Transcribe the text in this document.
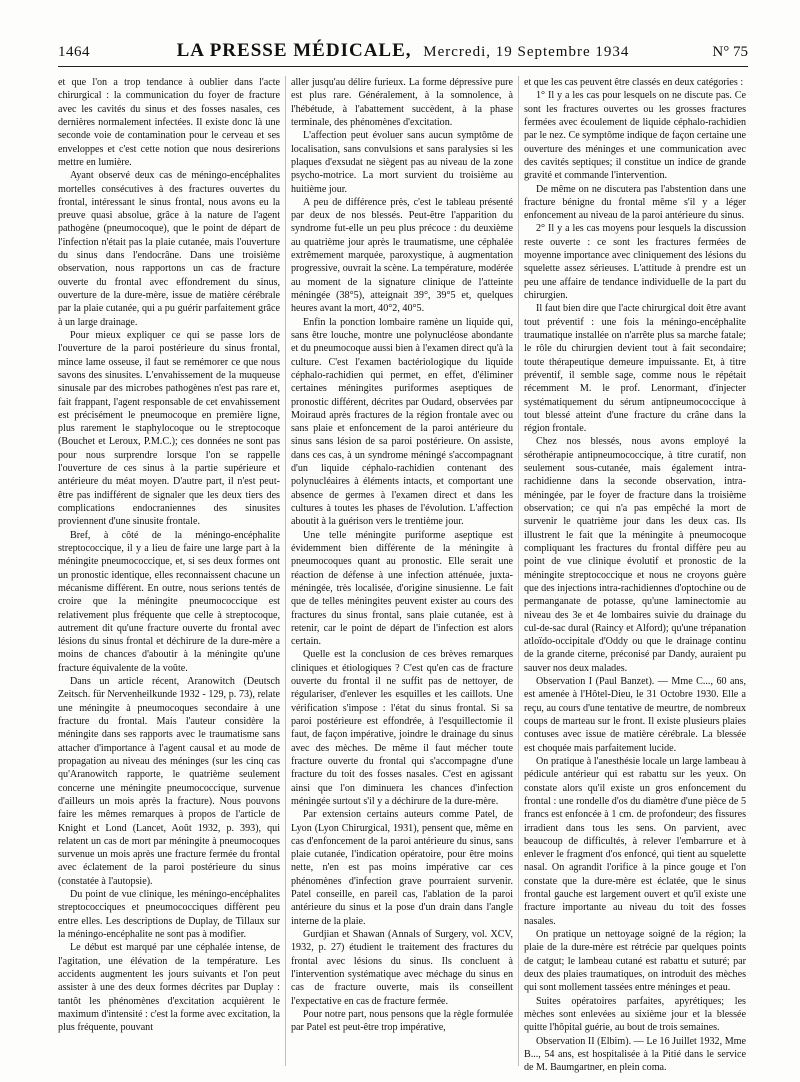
1464	LA PRESSE MÉDICALE, Mercredi, 19 Septembre 1934	N° 75

et que l'on a trop tendance à oublier dans l'acte chirurgical : la communication du foyer de fracture avec les cavités du sinus et des fosses nasales, ces dernières normalement infectées. Il existe donc là une seconde voie de contamination pour le cerveau et ses enveloppes et c'est cette notion que nous desirerions mettre en lumière.

Ayant observé deux cas de méningo-encéphalites mortelles consécutives à des fractures ouvertes du frontal, intéressant le sinus frontal, nous avons eu la preuve quasi absolue, grâce à la nature de l'agent pathogène (pneumocoque), que le point de départ de l'infection n'était pas la plaie cutanée, mais l'ouverture du sinus dans l'endocrâne. Dans une troisième observation, nous rapportons un cas de fracture ouverte du frontal avec effondrement du sinus, ouverture de la dure-mère, issue de matière cérébrale par la plaie cutanée, qui a pu guérir parfaitement grâce à un large drainage.

Pour mieux expliquer ce qui se passe lors de l'ouverture de la paroi postérieure du sinus frontal, mince lame osseuse, il faut se remémorer ce que nous savons des sinusites. L'envahissement de la muqueuse sinusale par des microbes pathogènes n'est pas rare et, fait frappant, l'agent responsable de cet envahissement est précisément le pneumocoque en première ligne, plus rarement le staphylocoque ou le streptocoque (Bouchet et Leroux, P.M.C.); ces données ne sont pas pour nous surprendre lorsque l'on se rappelle l'ouverture de ces sinus à la partie supérieure et antérieure du méat moyen. D'autre part, il n'est peut-être pas indifférent de signaler que les deux tiers des complications endocraniennes des sinusites proviennent d'une sinusite frontale.

Bref, à côté de la méningo-encéphalite streptococcique, il y a lieu de faire une large part à la méningite pneumococcique, et, si ses deux formes ont un pronostic identique, elles reconnaissent chacune un mécanisme différent. En outre, nous serions tentés de croire que la méningite pneumococcique est relativement plus fréquente que celle à streptocoque, autrement dit qu'une fracture ouverte du frontal avec lésions du sinus frontal et déchirure de la dure-mère a moins de chances d'aboutir à la méningite qu'une fracture équivalente de la voûte.

Dans un article récent, Aranowitch (Deutsch Zeitsch. für Nervenheilkunde 1932 - 129, p. 73), relate une méningite à pneumocoques secondaire à une fracture du frontal. Mais l'auteur considère la méningite dans ses rapports avec le traumatisme sans attacher d'importance à l'agent causal et au mode de propagation au niveau des méninges (sur les cinq cas qu'Aranowitch rapporte, le quatrième seulement concerne une méningite pneumococcique, survenue d'ailleurs un mois après la fracture). Nous pouvons faire les mêmes remarques à propos de l'article de Knight et Lond (Lancet, Août 1932, p. 393), qui relatent un cas de mort par méningite à pneumocoques survenue un mois après une fracture fermée du frontal avec éclatement de la paroi postérieure du sinus (constatée à l'autopsie).

Du point de vue clinique, les méningo-encéphalites streptococciques et pneumococciques diffèrent peu entre elles. Les descriptions de Duplay, de Tillaux sur la méningo-encéphalite ne sont pas à modifier.

Le début est marqué par une céphalée intense, de l'agitation, une élévation de la température. Les accidents augmentent les jours suivants et l'on peut assister à une des deux formes décrites par Duplay : tantôt les phénomènes d'excitation acquièrent le maximum d'intensité : c'est la forme avec excitation, la plus fréquente, pouvant

aller jusqu'au délire furieux. La forme dépressive pure est plus rare. Généralement, à la somnolence, à l'hébétude, à l'abattement succèdent, à la phase terminale, des phénomènes d'excitation.

L'affection peut évoluer sans aucun symptôme de localisation, sans convulsions et sans paralysies si les plaques d'exsudat ne siègent pas au niveau de la zone psycho-motrice. La mort survient du troisième au huitième jour.

A peu de différence près, c'est le tableau présenté par deux de nos blessés. Peut-être l'apparition du syndrome fut-elle un peu plus précoce : du deuxième au quatrième jour après le traumatisme, une céphalée extrêmement marquée, paroxystique, à augmentation progressive, ouvrait la scène. La température, modérée au moment de la signature clinique de l'atteinte méningée (38°5), atteignait 39°, 39°5 et, quelques heures avant la mort, 40°2, 40°5.

Enfin la ponction lombaire ramène un liquide qui, sans être louche, montre une polynucléose abondante et du pneumocoque aussi bien à l'examen direct qu'à la culture. C'est l'examen bactériologique du liquide céphalo-rachidien qui permet, en effet, d'éliminer certaines méningites puriformes aseptiques de pronostic différent, décrites par Oudard, observées par Moiraud après fractures de la région frontale avec ou sans plaie et enfoncement de la paroi antérieure du sinus sans lésion de sa paroi postérieure. On assiste, dans ces cas, à un syndrome méningé s'accompagnant d'un liquide céphalo-rachidien contenant des polynucléaires à éléments intacts, et comportant une absence de germes à l'examen direct et dans les cultures à toutes les phases de l'évolution. L'affection aboutit à la guérison vers le trentième jour.

Une telle méningite puriforme aseptique est évidemment bien différente de la méningite à pneumocoques quant au pronostic. Elle serait une réaction de défense à une infection atténuée, juxta-méningée, très localisée, d'origine sinusienne. Le fait que de telles méningites peuvent exister au cours des fractures du sinus frontal, sans plaie cutanée, est à retenir, car le point de départ de l'infection est alors certain.

Quelle est la conclusion de ces brèves remarques cliniques et étiologiques ? C'est qu'en cas de fracture ouverte du frontal il ne suffit pas de nettoyer, de régulariser, d'enlever les esquilles et les caillots. Une vérification s'impose : l'état du sinus frontal. Si sa paroi postérieure est effondrée, à l'esquillectomie il faut, de façon impérative, joindre le drainage du sinus avec des mèches. De même il faut mécher toute fracture ouverte du frontal qui s'accompagne d'une fracture du toit des fosses nasales. C'est en agissant ainsi que l'on diminuera les chances d'infection méningée surtout s'il y a déchirure de la dure-mère.

Par extension certains auteurs comme Patel, de Lyon (Lyon Chirurgical, 1931), pensent que, même en cas d'enfoncement de la paroi antérieure du sinus, sans plaie cutanée, l'indication opératoire, pour être moins nette, n'en est pas moins impérative car ces phénomènes d'infection grave pourraient survenir. Patel conseille, en pareil cas, l'ablation de la paroi antérieure du sinus et la pose d'un drain dans l'angle interne de la plaie.

Gurdjian et Shawan (Annals of Surgery, vol. XCV, 1932, p. 27) étudient le traitement des fractures du frontal avec lésions du sinus. Ils concluent à l'intervention systématique avec méchage du sinus en cas de fracture ouverte, mais ils conseillent l'expectative en cas de fracture fermée.

Pour notre part, nous pensons que la règle formulée par Patel est peut-être trop impérative,

et que les cas peuvent être classés en deux catégories :

1° Il y a les cas pour lesquels on ne discute pas. Ce sont les fractures ouvertes ou les grosses fractures fermées avec écoulement de liquide céphalo-rachidien par le nez. Ce symptôme indique de façon certaine une ouverture des méninges et une communication avec des cavités septiques; il constitue un indice de grande gravité et commande l'intervention.

De même on ne discutera pas l'abstention dans une fracture bénigne du frontal même s'il y a léger enfoncement au niveau de la paroi antérieure du sinus.

2° Il y a les cas moyens pour lesquels la discussion reste ouverte : ce sont les fractures fermées de moyenne importance avec cliniquement des lésions du squelette assez sérieuses. L'attitude à prendre est un peu une affaire de tendance individuelle de la part du chirurgien.

Il faut bien dire que l'acte chirurgical doit être avant tout préventif : une fois la méningo-encéphalite traumatique installée on n'arrête plus sa marche fatale; le rôle du chirurgien devient tout à fait secondaire; toute thérapeutique demeure impuissante. Et, à titre préventif, il semble sage, comme nous le répétait récemment M. le prof. Lenormant, d'injecter systématiquement du sérum antipneumococcique à tout blessé atteint d'une fracture du crâne dans la région frontale.

Chez nos blessés, nous avons employé la sérothérapie antipneumococcique, à titre curatif, non seulement sous-cutanée, mais également intra-rachidienne dans la seconde observation, intra-méningée, par le foyer de fracture dans la troisième observation; ce qui n'a pas empêché la mort de survenir le quatrième jour dans les deux cas. Ils illustrent le fait que la méningite à pneumocoque compliquant les fractures du frontal diffère peu au point de vue clinique évolutif et pronostic de la méningite streptococcique et nous ne croyons guère que des injections intra-rachidiennes d'optochine ou de permanganate de potasse, qu'une laminectomie au niveau des 3e et 4e lombaires suivie du drainage du cul-de-sac dural (Raincy et Alford); qu'une trépanation atloïdo-occipitale d'Oddy ou que le drainage continu de la grande citerne, préconisé par Dandy, auraient pu sauver nos deux malades.

Observation I (Paul Banzet). — Mme C..., 60 ans, est amenée à l'Hôtel-Dieu, le 31 Octobre 1930. Elle a reçu, au cours d'une tentative de meurtre, de nombreux coups de marteau sur le front. Il existe plusieurs plaies contuses avec issue de matière cérébrale. La blessée est choquée mais parfaitement lucide.

On pratique à l'anesthésie locale un large lambeau à pédicule antérieur qui est rabattu sur les yeux. On constate alors qu'il existe un gros enfoncement du frontal : une rondelle d'os du diamètre d'une pièce de 5 francs est enfoncée à 1 cm. de profondeur; des fissures irradient dans tous les sens. On parvient, avec beaucoup de difficultés, à relever l'embarrure et à enlever le fragment d'os enfoncé, qui tient au squelette nasal. On agrandit l'orifice à la pince gouge et l'on constate que la dure-mère est éclatée, que le sinus frontal gauche est largement ouvert et qu'il existe une fracture importante au niveau du toit des fosses nasales.

On pratique un nettoyage soigné de la région; la plaie de la dure-mère est rétrécie par quelques points de catgut; le lambeau cutané est rabattu et suturé; par deux des plaies traumatiques, on introduit des mèches qui sont mollement tassées entre méninges et peau.

Suites opératoires parfaites, apyrétiques; les mèches sont enlevées au sixième jour et la blessée quitte l'hôpital guérie, au bout de trois semaines.

Observation II (Elbim). — Le 16 Juillet 1932, Mme B..., 54 ans, est hospitalisée à la Pitié dans le service de M. Baumgartner, en plein coma.
